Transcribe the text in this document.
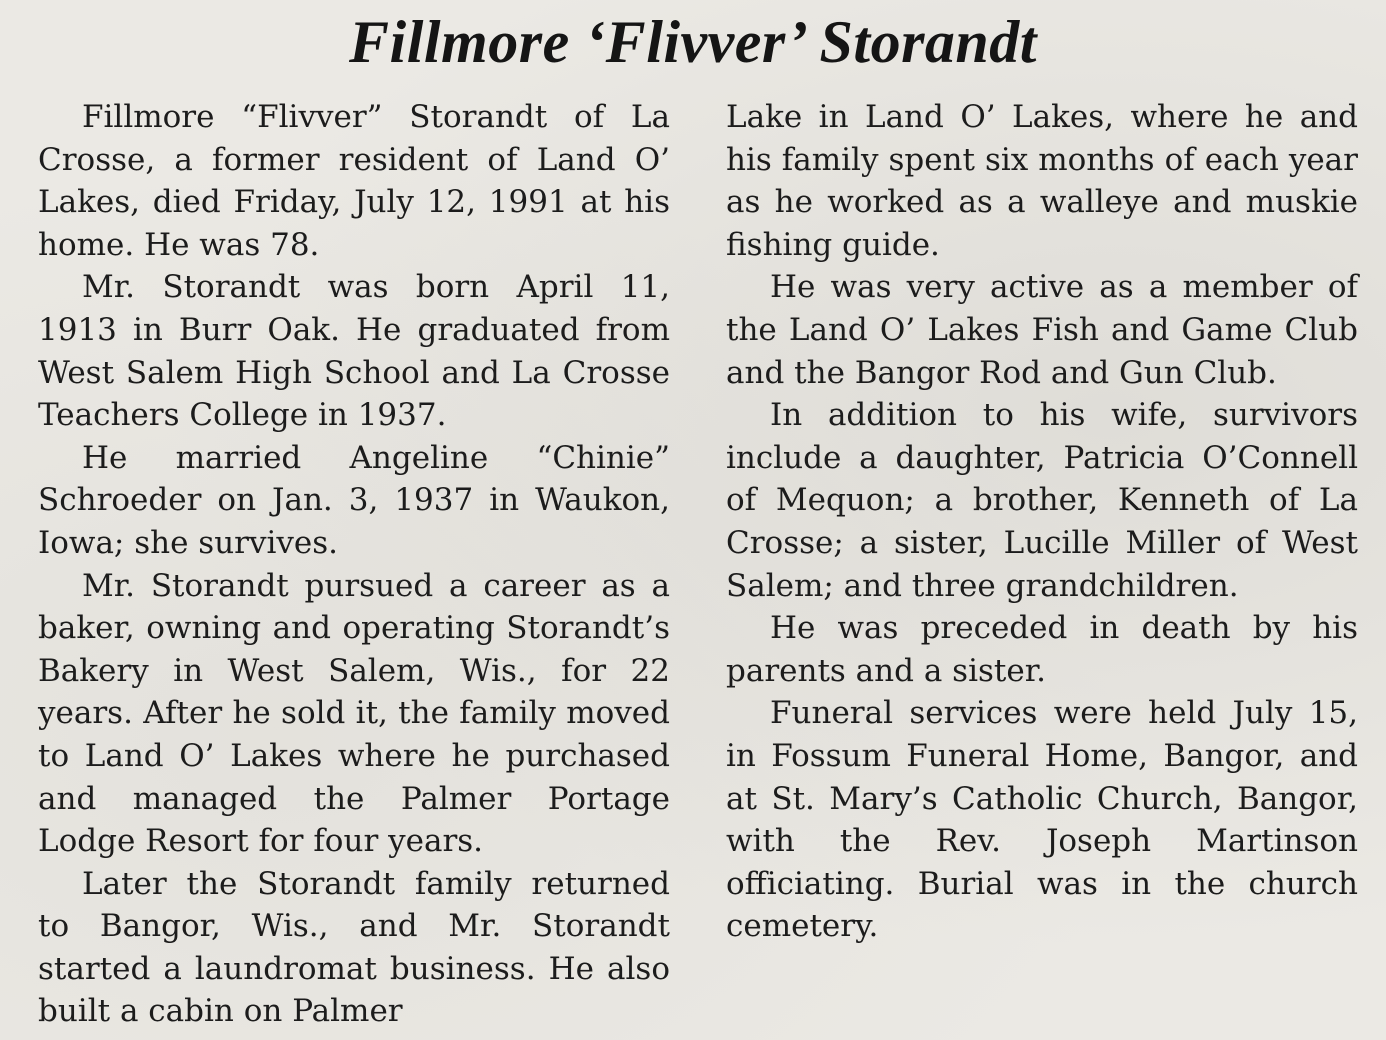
Fillmore ‘Flivver’ Storandt

Fillmore “Flivver” Storandt of La Crosse, a former resident of Land O’ Lakes, died Friday, July 12, 1991 at his home. He was 78.

Mr. Storandt was born April 11, 1913 in Burr Oak. He graduated from West Salem High School and La Crosse Teachers College in 1937.

He married Angeline “Chinie” Schroeder on Jan. 3, 1937 in Waukon, Iowa; she survives.

Mr. Storandt pursued a career as a baker, owning and operating Storandt’s Bakery in West Salem, Wis., for 22 years. After he sold it, the family moved to Land O’ Lakes where he purchased and managed the Palmer Portage Lodge Resort for four years.

Later the Storandt family returned to Bangor, Wis., and Mr. Storandt started a laundromat business. He also built a cabin on Palmer

Lake in Land O’ Lakes, where he and his family spent six months of each year as he worked as a walleye and muskie fishing guide.

He was very active as a member of the Land O’ Lakes Fish and Game Club and the Bangor Rod and Gun Club.

In addition to his wife, survivors include a daughter, Patricia O’Connell of Mequon; a brother, Kenneth of La Crosse; a sister, Lucille Miller of West Salem; and three grandchildren.

He was preceded in death by his parents and a sister.

Funeral services were held July 15, in Fossum Funeral Home, Bangor, and at St. Mary’s Catholic Church, Bangor, with the Rev. Joseph Martinson officiating. Burial was in the church cemetery.
